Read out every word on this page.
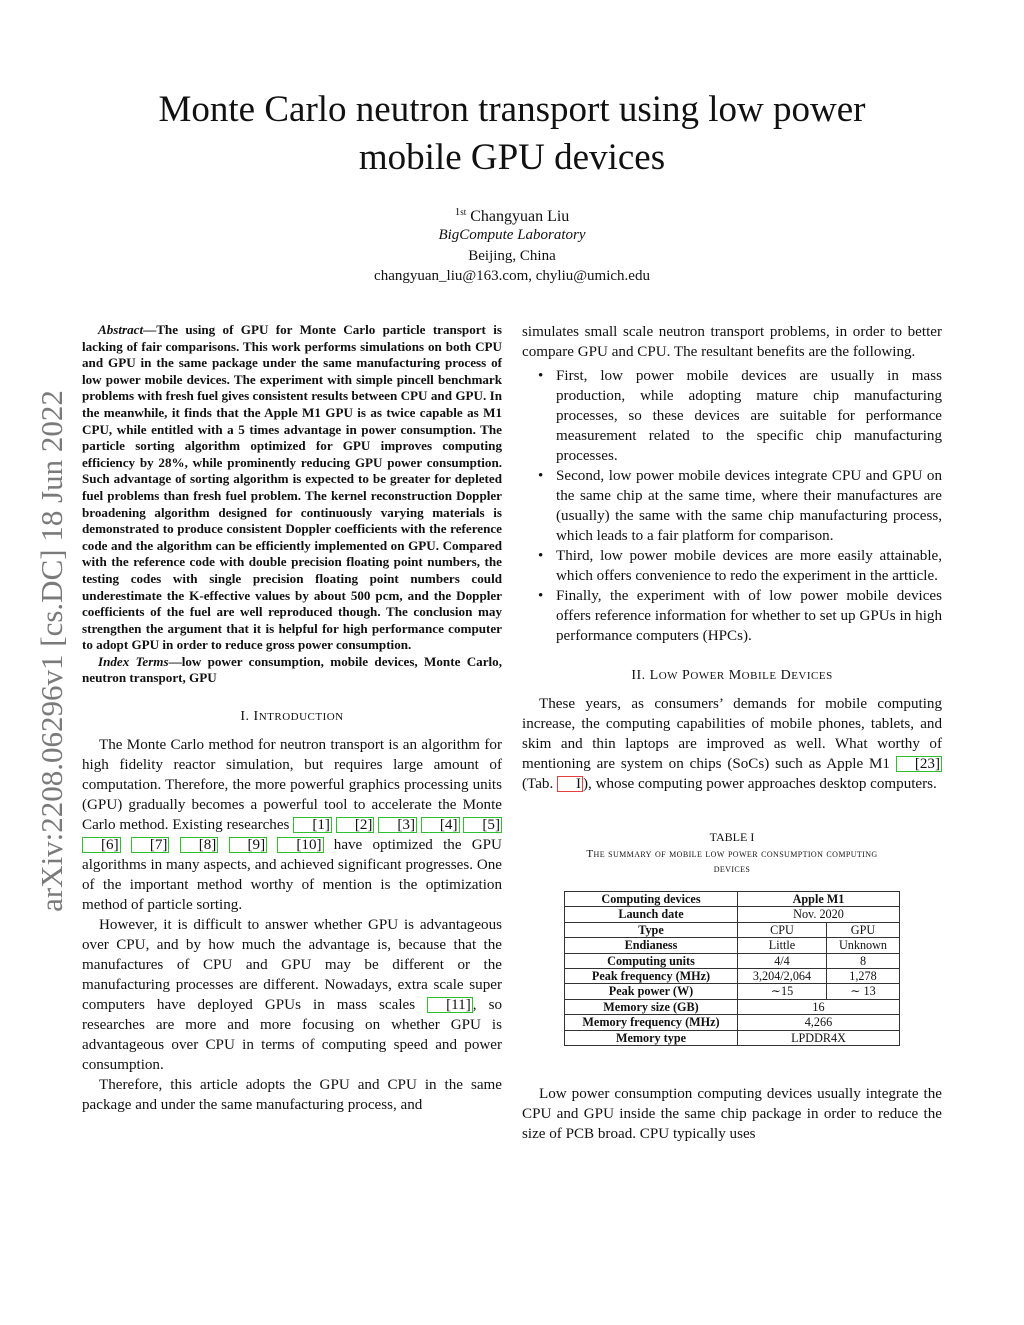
Monte Carlo neutron transport using low power
mobile GPU devices
$^{1st}$ Changyuan Liu
BigCompute Laboratory
Beijing, China
changyuan_liu@163.com, chyliu@umich.edu
arXiv:2208.06296v1 [cs.DC] 18 Jun 2022

Abstract—The using of GPU for Monte Carlo particle transport is lacking of fair comparisons. This work performs simulations on both CPU and GPU in the same package under the same manufacturing process of low power mobile devices. The experiment with simple pincell benchmark problems with fresh fuel gives consistent results between CPU and GPU. In the meanwhile, it finds that the Apple M1 GPU is as twice capable as M1 CPU, while entitled with a 5 times advantage in power consumption. The particle sorting algorithm optimized for GPU improves computing efficiency by 28%, while prominently reducing GPU power consumption. Such advantage of sorting algorithm is expected to be greater for depleted fuel problems than fresh fuel problem. The kernel reconstruction Doppler broadening algorithm designed for continuously varying materials is demonstrated to produce consistent Doppler coefficients with the reference code and the algorithm can be efficiently implemented on GPU. Compared with the reference code with double precision floating point numbers, the testing codes with single precision floating point numbers could underestimate the K-effective values by about 500 pcm, and the Doppler coefficients of the fuel are well reproduced though. The conclusion may strengthen the argument that it is helpful for high performance computer to adopt GPU in order to reduce gross power consumption.

Index Terms—low power consumption, mobile devices, Monte Carlo, neutron transport, GPU

I. INTRODUCTION

The Monte Carlo method for neutron transport is an algorithm for high fidelity reactor simulation, but requires large amount of computation. Therefore, the more powerful graphics processing units (GPU) gradually becomes a powerful tool to accelerate the Monte Carlo method. Existing researches [1] [2] [3] [4] [5] [6] [7] [8] [9] [10] have optimized the GPU algorithms in many aspects, and achieved significant progresses. One of the important method worthy of mention is the optimization method of particle sorting.

However, it is difficult to answer whether GPU is advantageous over CPU, and by how much the advantage is, because that the manufactures of CPU and GPU may be different or the manufacturing processes are different. Nowadays, extra scale super computers have deployed GPUs in mass scales [11] , so researches are more and more focusing on whether GPU is advantageous over CPU in terms of computing speed and power consumption.

Therefore, this article adopts the GPU and CPU in the same package and under the same manufacturing process, and

simulates small scale neutron transport problems, in order to better compare GPU and CPU. The resultant benefits are the following.

• First, low power mobile devices are usually in mass production, while adopting mature chip manufacturing processes, so these devices are suitable for performance measurement related to the specific chip manufacturing processes.
• Second, low power mobile devices integrate CPU and GPU on the same chip at the same time, where their manufactures are (usually) the same with the same chip manufacturing process, which leads to a fair platform for comparison.
• Third, low power mobile devices are more easily attainable, which offers convenience to redo the experiment in the artticle.
• Finally, the experiment with of low power mobile devices offers reference information for whether to set up GPUs in high performance computers (HPCs).
II. LOW POWER MOBILE DEVICES

These years, as consumers’ demands for mobile computing increase, the computing capabilities of mobile phones, tablets, and skim and thin laptops are improved as well. What worthy of mentioning are system on chips (SoCs) such as Apple M1 [23] (Tab. I ), whose computing power approaches desktop computers.

TABLE I
The summary of mobile low power consumption computing
devices
Computing devices	Apple M1	
Launch date	Nov. 2020	
Type	CPU	GPU
Endianess	Little	Unknown
Computing units	4/4	8
Peak frequency (MHz)	3,204/2,064	1,278
Peak power (W)	∼15	∼ 13
Memory size (GB)	16	
Memory frequency (MHz)	4,266	
Memory type	LPDDR4X	

Low power consumption computing devices usually integrate the CPU and GPU inside the same chip package in order to reduce the size of PCB broad. CPU typically uses
